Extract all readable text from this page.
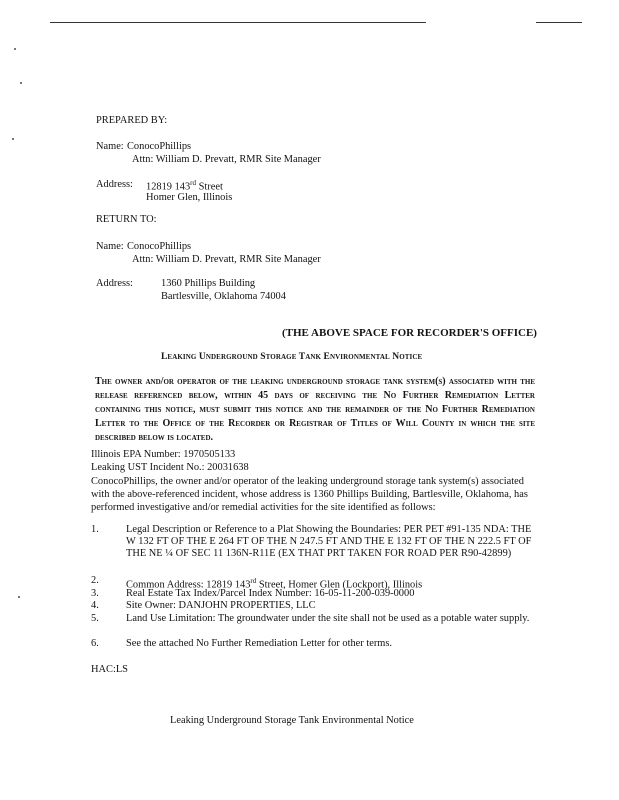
PREPARED BY:
Name: ConocoPhillips
Attn: William D. Prevatt, RMR Site Manager
Address: 12819 143rd Street
Homer Glen, Illinois
RETURN TO:
Name: ConocoPhillips
Attn: William D. Prevatt, RMR Site Manager
Address:	1360 Phillips Building
Bartlesville, Oklahoma 74004
(THE ABOVE SPACE FOR RECORDER'S OFFICE)
Leaking Underground Storage Tank Environmental Notice
The owner and/or operator of the leaking underground storage tank system(s) associated with the release referenced below, within 45 days of receiving the No Further Remediation Letter containing this notice, must submit this notice and the remainder of the No Further Remediation Letter to the Office of the Recorder or Registrar of Titles of Will County in which the site described below is located.
Illinois EPA Number: 1970505133
Leaking UST Incident No.: 20031638
ConocoPhillips, the owner and/or operator of the leaking underground storage tank system(s) associated with the above-referenced incident, whose address is 1360 Phillips Building, Bartlesville, Oklahoma, has performed investigative and/or remedial activities for the site identified as follows:
1.	Legal Description or Reference to a Plat Showing the Boundaries: PER PET #91-135 NDA: THE W 132 FT OF THE E 264 FT OF THE N 247.5 FT AND THE E 132 FT OF THE N 222.5 FT OF THE NE ¼ OF SEC 11 136N-R11E (EX THAT PRT TAKEN FOR ROAD PER R90-42899)
2.	Common Address: 12819 143rd Street, Homer Glen (Lockport), Illinois
3.	Real Estate Tax Index/Parcel Index Number: 16-05-11-200-039-0000
4.	Site Owner: DANJOHN PROPERTIES, LLC
5.	Land Use Limitation: The groundwater under the site shall not be used as a potable water supply.
6.	See the attached No Further Remediation Letter for other terms.
HAC:LS
Leaking Underground Storage Tank Environmental Notice
